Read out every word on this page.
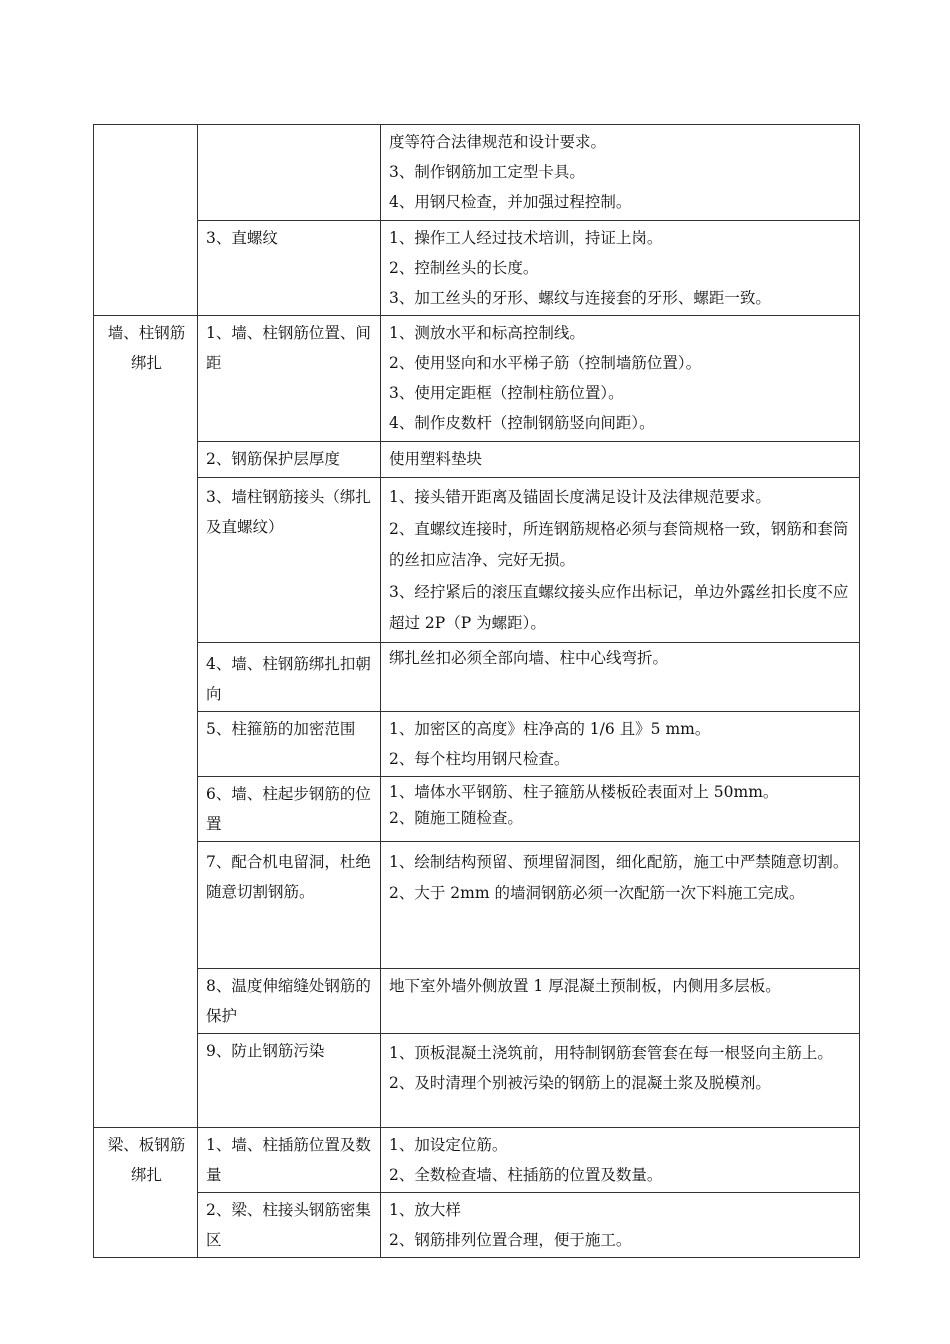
		度等符合法律规范和设计要求。
3、制作钢筋加工定型卡具。
4、用钢尺检查，并加强过程控制。

	3、直螺纹	1、操作工人经过技术培训，持证上岗。
2、控制丝头的长度。
3、加工丝头的牙形、螺纹与连接套的牙形、螺距一致。

墙、柱钢筋绑扎	1、墙、柱钢筋位置、间距	1、测放水平和标高控制线。
2、使用竖向和水平梯子筋（控制墙筋位置）。
3、使用定距框（控制柱筋位置）。
4、制作皮数杆（控制钢筋竖向间距）。

	2、钢筋保护层厚度	使用塑料垫块

	3、墙柱钢筋接头（绑扎及直螺纹）	1、接头错开距离及锚固长度满足设计及法律规范要求。
2、直螺纹连接时，所连钢筋规格必须与套筒规格一致，钢筋和套筒的丝扣应洁净、完好无损。
3、经拧紧后的滚压直螺纹接头应作出标记，单边外露丝扣长度不应超过 2P（P 为螺距）。

	4、墙、柱钢筋绑扎扣朝向	绑扎丝扣必须全部向墙、柱中心线弯折。

	5、柱箍筋的加密范围	1、加密区的高度》柱净高的 1/6 且》5 mm。
2、每个柱均用钢尺检查。

	6、墙、柱起步钢筋的位置	1、墙体水平钢筋、柱子箍筋从楼板砼表面对上 50mm。
2、随施工随检查。

	7、配合机电留洞，杜绝随意切割钢筋。	1、绘制结构预留、预埋留洞图，细化配筋，施工中严禁随意切割。
2、大于 2mm 的墙洞钢筋必须一次配筋一次下料施工完成。

	8、温度伸缩缝处钢筋的保护	地下室外墙外侧放置 1 厚混凝土预制板，内侧用多层板。

	9、防止钢筋污染	1、顶板混凝土浇筑前，用特制钢筋套管套在每一根竖向主筋上。
2、及时清理个别被污染的钢筋上的混凝土浆及脱模剂。

梁、板钢筋绑扎	1、墙、柱插筋位置及数量	1、加设定位筋。
2、全数检查墙、柱插筋的位置及数量。

	2、梁、柱接头钢筋密集区	1、放大样
2、钢筋排列位置合理，便于施工。
